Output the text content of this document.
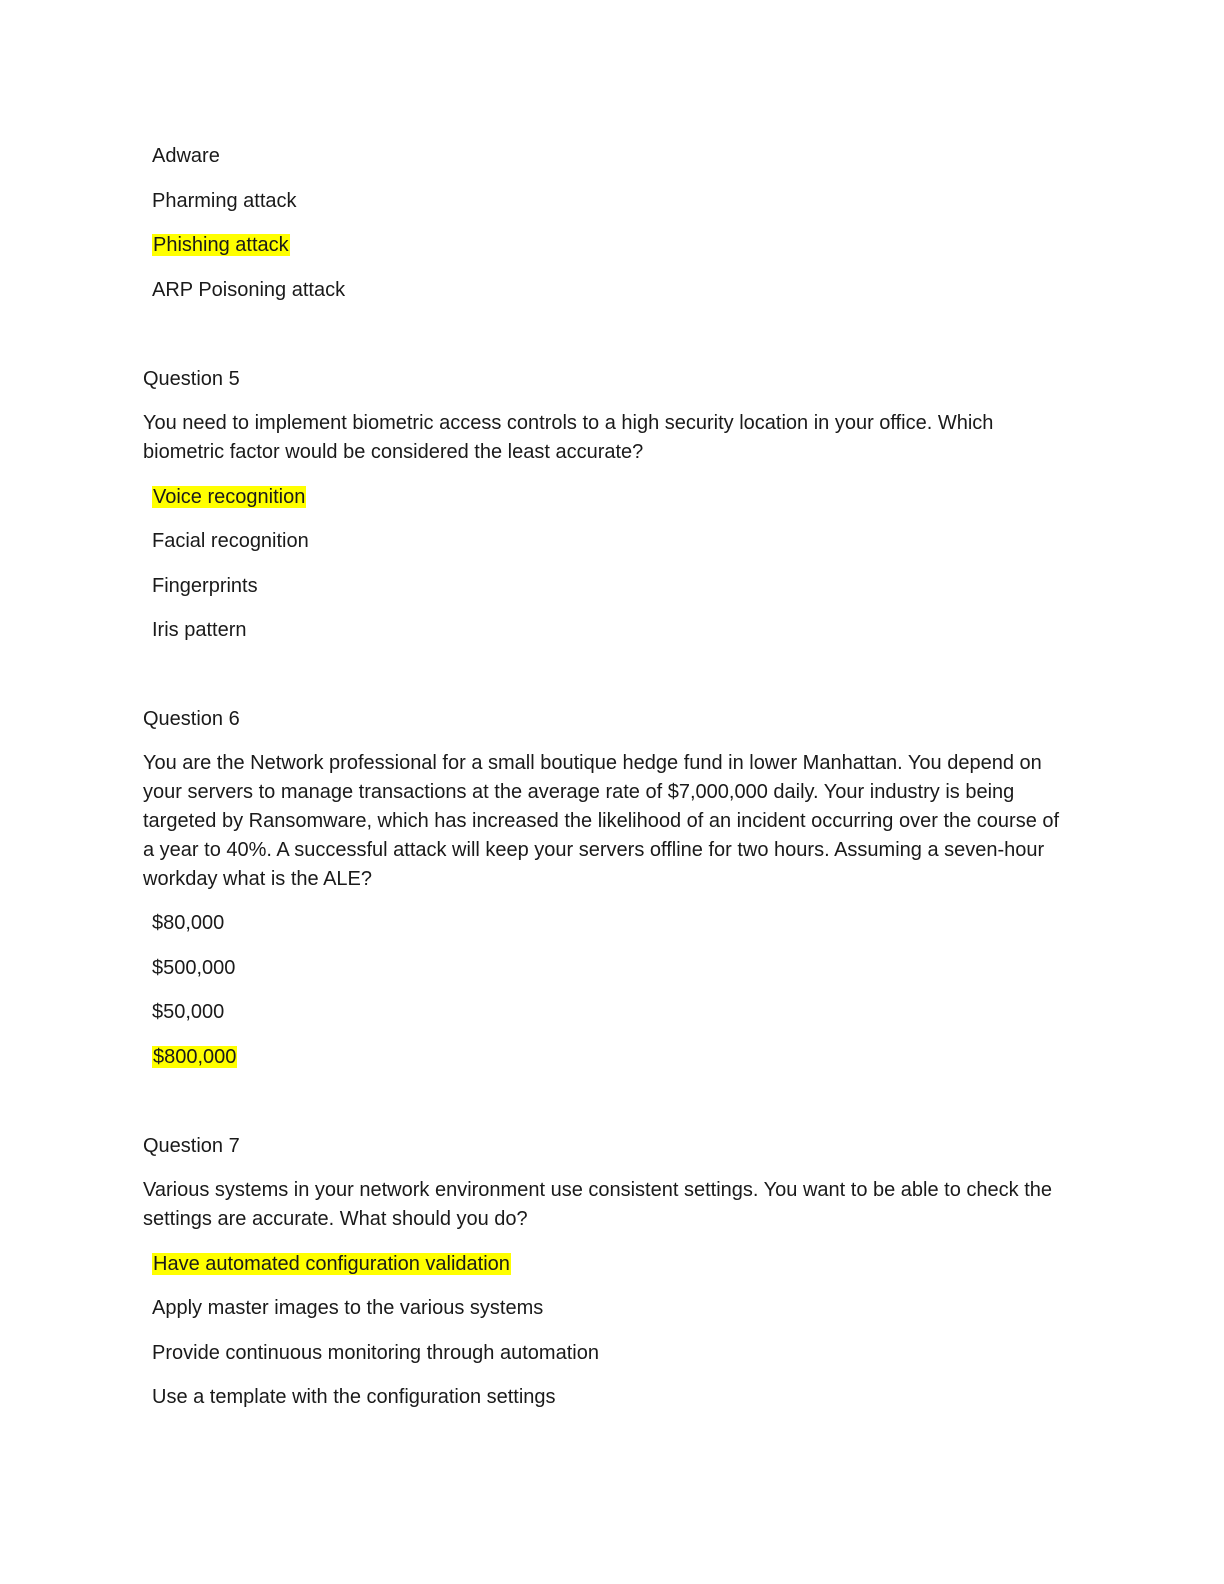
Adware
Pharming attack
Phishing attack
ARP Poisoning attack
Question 5
You need to implement biometric access controls to a high security location in your office. Which biometric factor would be considered the least accurate?
Voice recognition
Facial recognition
Fingerprints
Iris pattern
Question 6
You are the Network professional for a small boutique hedge fund in lower Manhattan. You depend on your servers to manage transactions at the average rate of $7,000,000 daily. Your industry is being targeted by Ransomware, which has increased the likelihood of an incident occurring over the course of a year to 40%. A successful attack will keep your servers offline for two hours. Assuming a seven-hour workday what is the ALE?
$80,000
$500,000
$50,000
$800,000
Question 7
Various systems in your network environment use consistent settings. You want to be able to check the settings are accurate. What should you do?
Have automated configuration validation
Apply master images to the various systems
Provide continuous monitoring through automation
Use a template with the configuration settings
